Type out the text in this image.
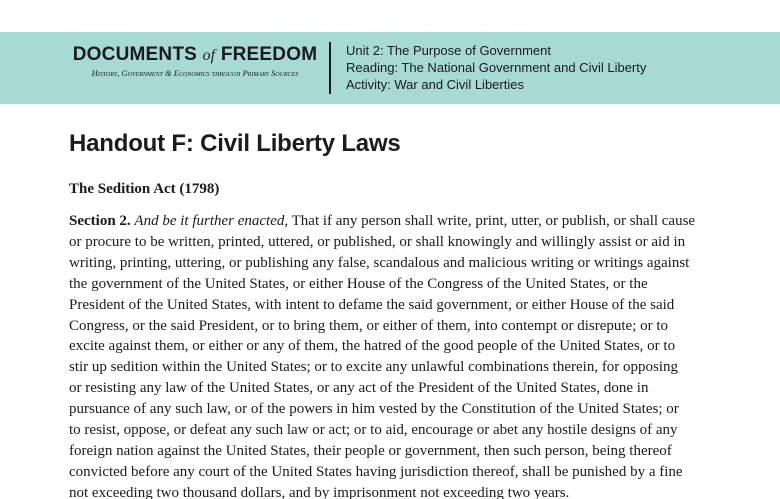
DOCUMENTS of FREEDOM
History, Government & Economics through Primary Sources
Unit 2: The Purpose of Government
Reading: The National Government and Civil Liberty
Activity: War and Civil Liberties
Handout F: Civil Liberty Laws
The Sedition Act (1798)
Section 2. And be it further enacted, That if any person shall write, print, utter, or publish, or shall cause
or procure to be written, printed, uttered, or published, or shall knowingly and willingly assist or aid in
writing, printing, uttering, or publishing any false, scandalous and malicious writing or writings against
the government of the United States, or either House of the Congress of the United States, or the
President of the United States, with intent to defame the said government, or either House of the said
Congress, or the said President, or to bring them, or either of them, into contempt or disrepute; or to
excite against them, or either or any of them, the hatred of the good people of the United States, or to
stir up sedition within the United States; or to excite any unlawful combinations therein, for opposing
or resisting any law of the United States, or any act of the President of the United States, done in
pursuance of any such law, or of the powers in him vested by the Constitution of the United States; or
to resist, oppose, or defeat any such law or act; or to aid, encourage or abet any hostile designs of any
foreign nation against the United States, their people or government, then such person, being thereof
convicted before any court of the United States having jurisdiction thereof, shall be punished by a fine
not exceeding two thousand dollars, and by imprisonment not exceeding two years.
